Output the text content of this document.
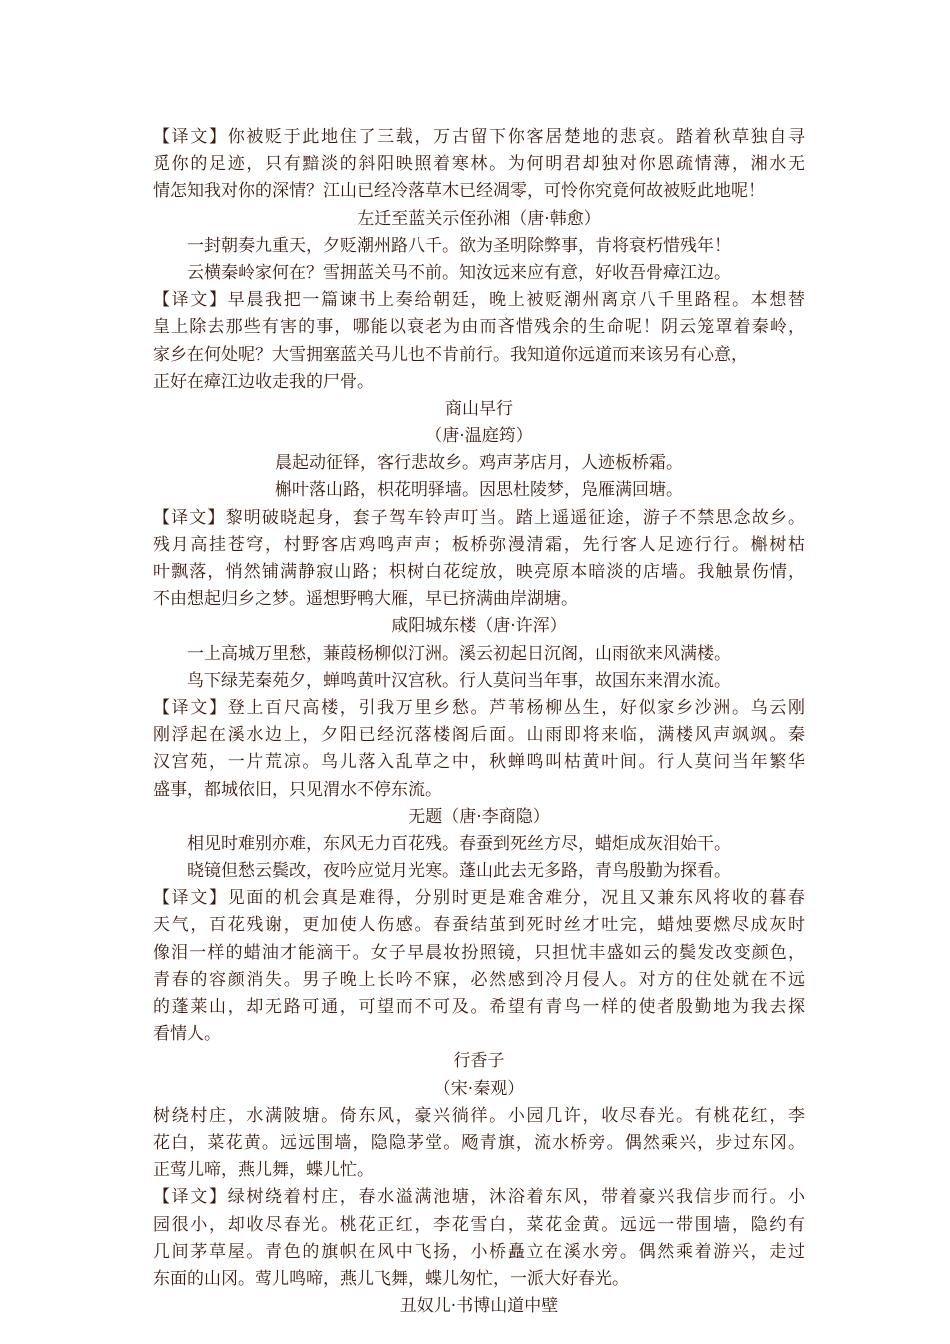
【译文】你被贬于此地住了三载，万古留下你客居楚地的悲哀。踏着秋草独自寻
觅你的足迹，只有黯淡的斜阳映照着寒林。为何明君却独对你恩疏情薄，湘水无
情怎知我对你的深情？江山已经冷落草木已经凋零，可怜你究竟何故被贬此地呢！
左迁至蓝关示侄孙湘（唐·韩愈）
一封朝奏九重天，夕贬潮州路八千。欲为圣明除弊事，肯将衰朽惜残年！
云横秦岭家何在？雪拥蓝关马不前。知汝远来应有意，好收吾骨瘴江边。
【译文】早晨我把一篇谏书上奏给朝廷，晚上被贬潮州离京八千里路程。本想替
皇上除去那些有害的事，哪能以衰老为由而吝惜残余的生命呢！阴云笼罩着秦岭，
家乡在何处呢？大雪拥塞蓝关马儿也不肯前行。我知道你远道而来该另有心意，
正好在瘴江边收走我的尸骨。
商山早行
（唐·温庭筠）
晨起动征铎，客行悲故乡。鸡声茅店月，人迹板桥霜。
槲叶落山路，枳花明驿墙。因思杜陵梦，凫雁满回塘。
【译文】黎明破晓起身，套子驾车铃声叮当。踏上遥遥征途，游子不禁思念故乡。
残月高挂苍穹，村野客店鸡鸣声声；板桥弥漫清霜，先行客人足迹行行。槲树枯
叶飘落，悄然铺满静寂山路；枳树白花绽放，映亮原本暗淡的店墙。我触景伤情，
不由想起归乡之梦。遥想野鸭大雁，早已挤满曲岸湖塘。
咸阳城东楼（唐·许浑）
一上高城万里愁，蒹葭杨柳似汀洲。溪云初起日沉阁，山雨欲来风满楼。
鸟下绿芜秦苑夕，蝉鸣黄叶汉宫秋。行人莫问当年事，故国东来渭水流。
【译文】登上百尺高楼，引我万里乡愁。芦苇杨柳丛生，好似家乡沙洲。乌云刚
刚浮起在溪水边上，夕阳已经沉落楼阁后面。山雨即将来临，满楼风声飒飒。秦
汉宫苑，一片荒凉。鸟儿落入乱草之中，秋蝉鸣叫枯黄叶间。行人莫问当年繁华
盛事，都城依旧，只见渭水不停东流。
无题（唐·李商隐）
相见时难别亦难，东风无力百花残。春蚕到死丝方尽，蜡炬成灰泪始干。
晓镜但愁云鬓改，夜吟应觉月光寒。蓬山此去无多路，青鸟殷勤为探看。
【译文】见面的机会真是难得，分别时更是难舍难分，况且又兼东风将收的暮春
天气，百花残谢，更加使人伤感。春蚕结茧到死时丝才吐完，蜡烛要燃尽成灰时
像泪一样的蜡油才能滴干。女子早晨妆扮照镜，只担忧丰盛如云的鬓发改变颜色，
青春的容颜消失。男子晚上长吟不寐，必然感到冷月侵人。对方的住处就在不远
的蓬莱山，却无路可通，可望而不可及。希望有青鸟一样的使者殷勤地为我去探
看情人。
行香子
（宋·秦观）
树绕村庄，水满陂塘。倚东风，豪兴徜徉。小园几许，收尽春光。有桃花红，李
花白，菜花黄。远远围墙，隐隐茅堂。飏青旗，流水桥旁。偶然乘兴，步过东冈。
正莺儿啼，燕儿舞，蝶儿忙。
【译文】绿树绕着村庄，春水溢满池塘，沐浴着东风，带着豪兴我信步而行。小
园很小，却收尽春光。桃花正红，李花雪白，菜花金黄。远远一带围墙，隐约有
几间茅草屋。青色的旗帜在风中飞扬，小桥矗立在溪水旁。偶然乘着游兴，走过
东面的山冈。莺儿鸣啼，燕儿飞舞，蝶儿匆忙，一派大好春光。
丑奴儿·书博山道中壁
